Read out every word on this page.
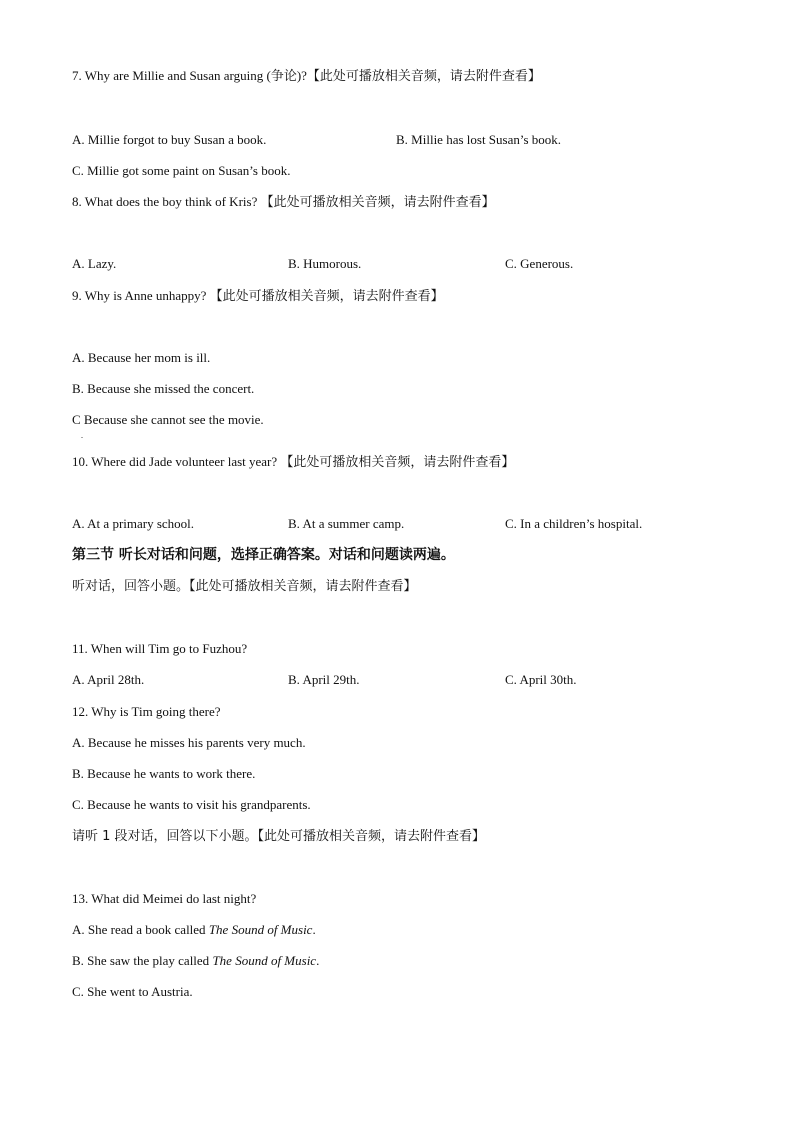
7. Why are Millie and Susan arguing (争论)?【此处可播放相关音频，请去附件查看】
A. Millie forgot to buy Susan a book.	B. Millie has lost Susan’s book.
C. Millie got some paint on Susan’s book.
8. What does the boy think of Kris? 【此处可播放相关音频，请去附件查看】
A. Lazy.	B. Humorous.	C. Generous.
9. Why is Anne unhappy? 【此处可播放相关音频，请去附件查看】
A. Because her mom is ill.
B. Because she missed the concert.
C Because she cannot see the movie.
.
10. Where did Jade volunteer last year? 【此处可播放相关音频，请去附件查看】
A. At a primary school.	B. At a summer camp.	C. In a children’s hospital.
第三节 听长对话和问题，选择正确答案。对话和问题读两遍。
听对话，回答小题。【此处可播放相关音频，请去附件查看】
11. When will Tim go to Fuzhou?
A. April 28th.	B. April 29th.	C. April 30th.
12. Why is Tim going there?
A. Because he misses his parents very much.
B. Because he wants to work there.
C. Because he wants to visit his grandparents.
请听 1 段对话，回答以下小题。【此处可播放相关音频，请去附件查看】
13. What did Meimei do last night?
A. She read a book called The Sound of Music.
B. She saw the play called The Sound of Music.
C. She went to Austria.
